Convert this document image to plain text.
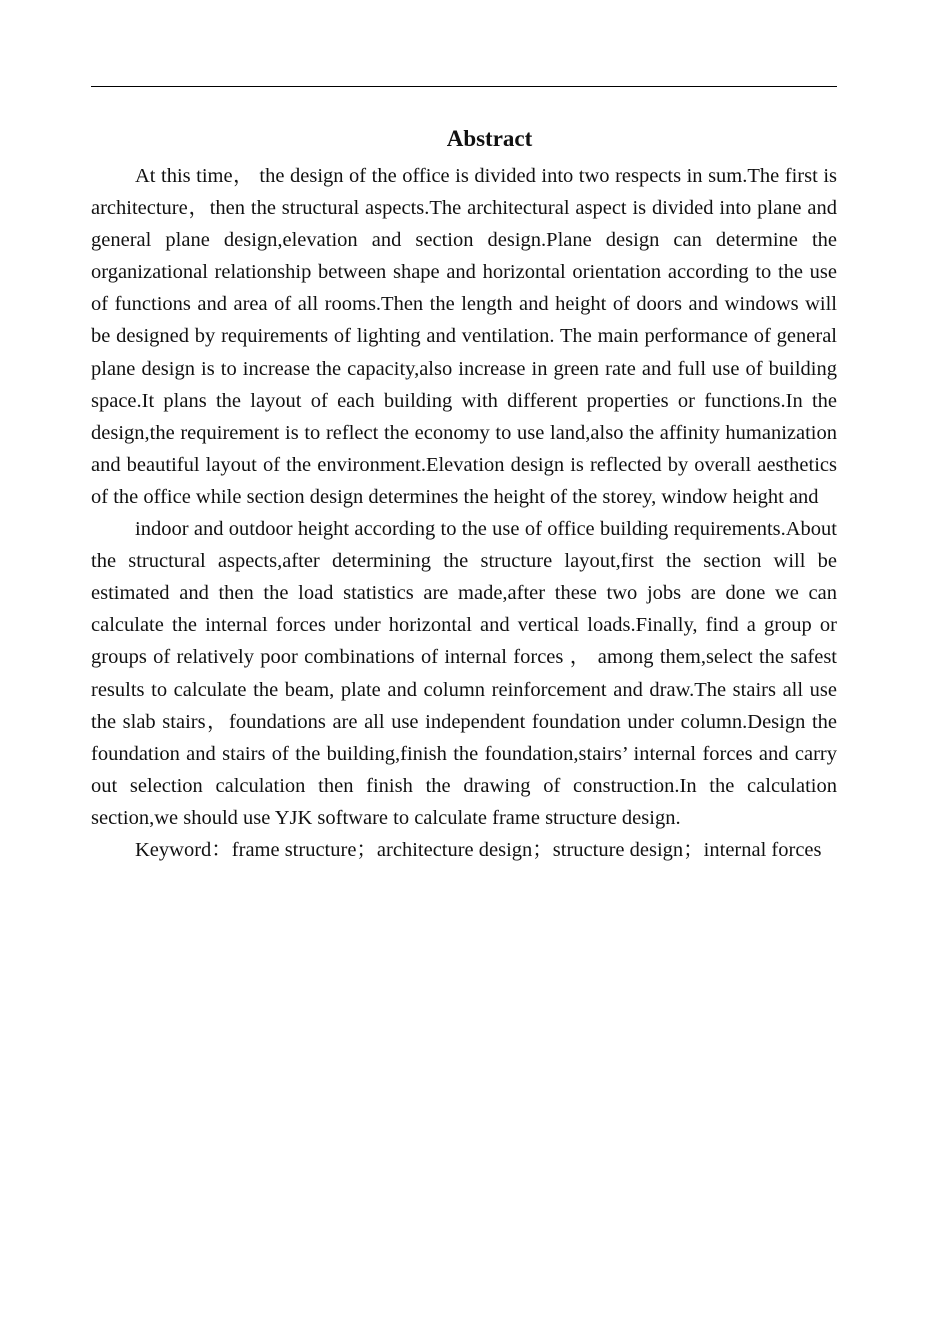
Abstract

At this time， the design of the office is divided into two respects in sum.The first is architecture，then the structural aspects.The architectural aspect is divided into plane and general plane design,elevation and section design.Plane design can determine the organizational relationship between shape and horizontal orientation according to the use of functions and area of all rooms.Then the length and height of doors and windows will be designed by requirements of lighting and ventilation. The main performance of general plane design is to increase the capacity,also increase in green rate and full use of building space.It plans the layout of each building with different properties or functions.In the design,the requirement is to reflect the economy to use land,also the affinity humanization and beautiful layout of the environment.Elevation design is reflected by overall aesthetics of the office while section design determines the height of the storey, window height and

indoor and outdoor height according to the use of office building requirements.About the structural aspects,after determining the structure layout,first the section will be estimated and then the load statistics are made,after these two jobs are done we can calculate the internal forces under horizontal and vertical loads.Finally, find a group or groups of relatively poor combinations of internal forces ， among them,select the safest results to calculate the beam, plate and column reinforcement and draw.The stairs all use the slab stairs，foundations are all use independent foundation under column.Design the foundation and stairs of the building,finish the foundation,stairs’ internal forces and carry out selection calculation then finish the drawing of construction.In the calculation section,we should use YJK software to calculate frame structure design.

Keyword：frame structure；architecture design；structure design；internal forces
